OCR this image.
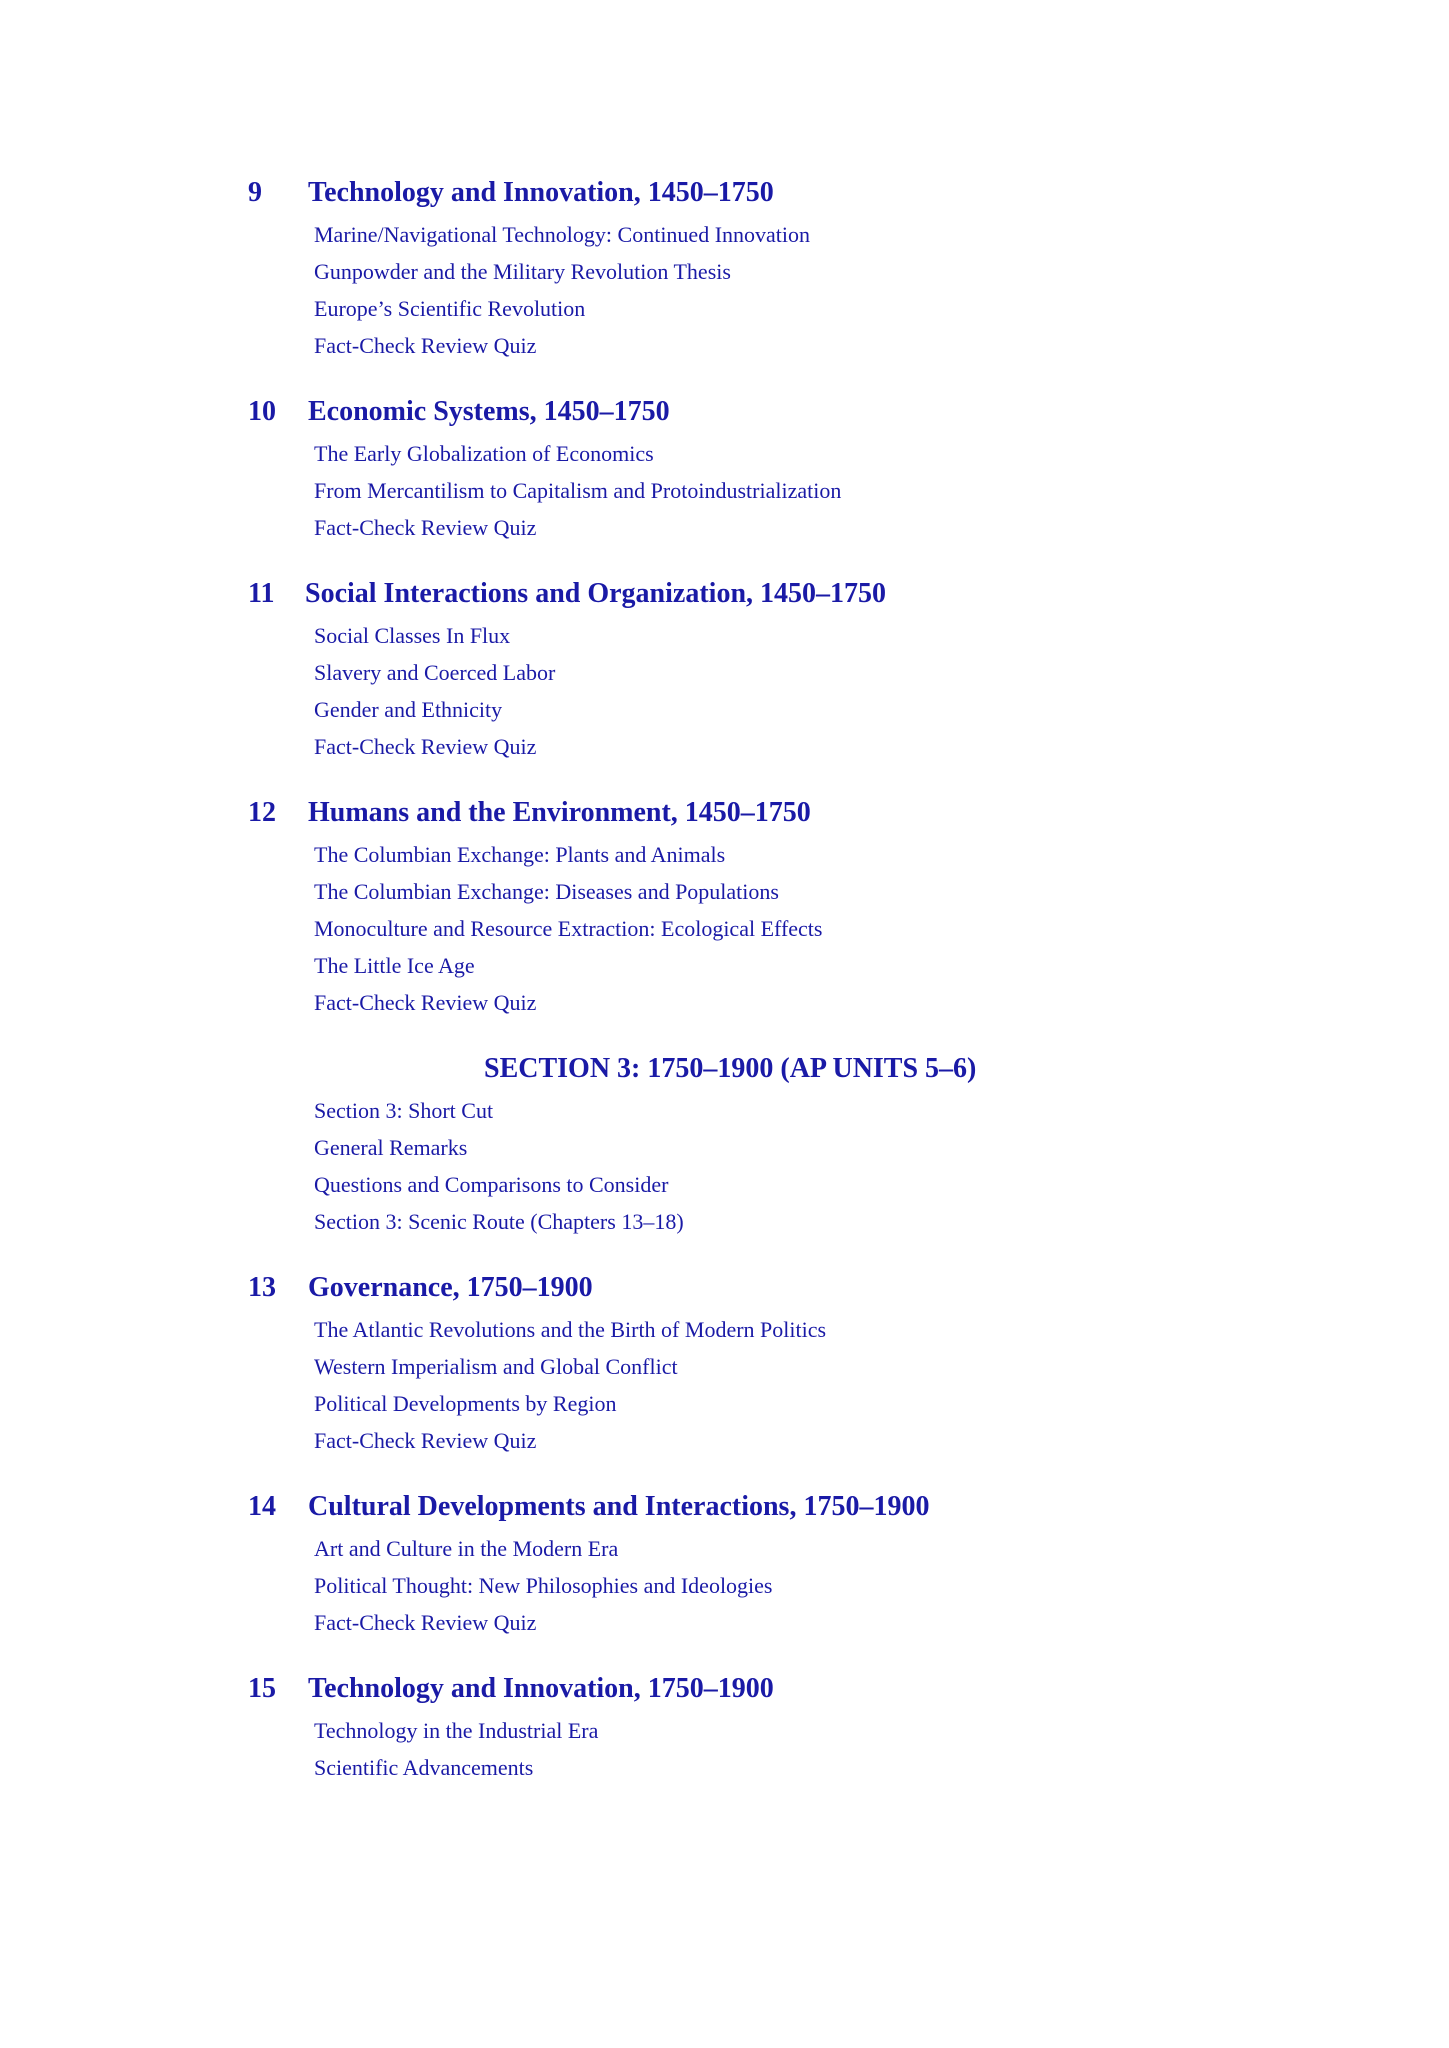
9 Technology and Innovation, 1450–1750
Marine/Navigational Technology: Continued Innovation
Gunpowder and the Military Revolution Thesis
Europe’s Scientific Revolution
Fact-Check Review Quiz
10 Economic Systems, 1450–1750
The Early Globalization of Economics
From Mercantilism to Capitalism and Protoindustrialization
Fact-Check Review Quiz
11 Social Interactions and Organization, 1450–1750
Social Classes In Flux
Slavery and Coerced Labor
Gender and Ethnicity
Fact-Check Review Quiz
12 Humans and the Environment, 1450–1750
The Columbian Exchange: Plants and Animals
The Columbian Exchange: Diseases and Populations
Monoculture and Resource Extraction: Ecological Effects
The Little Ice Age
Fact-Check Review Quiz
SECTION 3: 1750–1900 (AP UNITS 5–6)
Section 3: Short Cut
General Remarks
Questions and Comparisons to Consider
Section 3: Scenic Route (Chapters 13–18)
13 Governance, 1750–1900
The Atlantic Revolutions and the Birth of Modern Politics
Western Imperialism and Global Conflict
Political Developments by Region
Fact-Check Review Quiz
14 Cultural Developments and Interactions, 1750–1900
Art and Culture in the Modern Era
Political Thought: New Philosophies and Ideologies
Fact-Check Review Quiz
15 Technology and Innovation, 1750–1900
Technology in the Industrial Era
Scientific Advancements
